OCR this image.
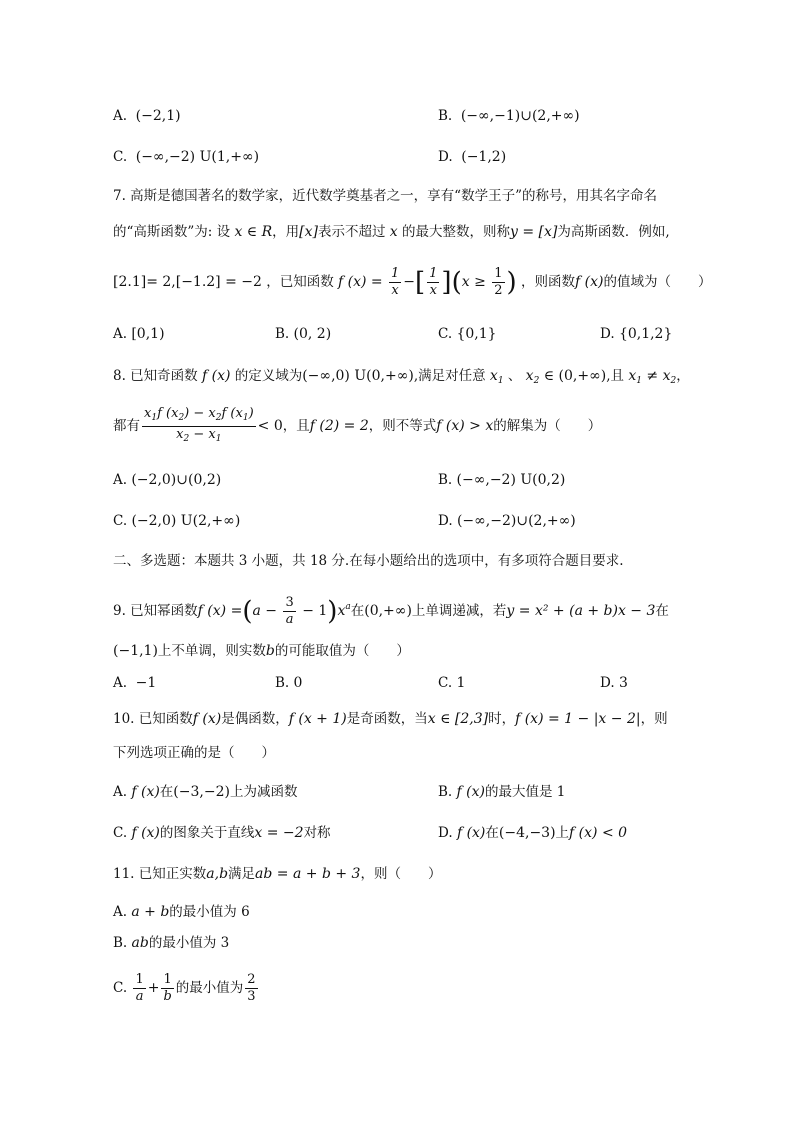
A. (−2,1)	B. (−∞,−1)∪(2,+∞)
C. (−∞,−2) U(1,+∞)	D. (−1,2)
7. 高斯是德国著名的数学家，近代数学奠基者之一，享有“数学王子”的称号，用其名字命名
的“高斯函数”为: 设 x ∈ R，用[x]表示不超过 x 的最大整数，则称y = [x]为高斯函数．例如,
[2.1]= 2,[−1.2] = −2 ，已知函数 f $(x) = \frac{1}{x}$ −[ $\frac{1}{x} ](x \ge \frac{1}{2}$ ) ，则函数f (x)的值域为（　　）
A. [0,1)	B. (0, 2)	C. {0,1}	D. {0,1,2}
8. 已知奇函数 f (x) 的定义域为(−∞,0) U(0,+∞),满足对任意 $x_1$ 、 $x_2$ ∈ (0,+∞),且 $x_1 \ne x_2$，
都有 $\frac{x_1f (x_2) - x_2f (x_1)}{x_2 - x_1} < 0$，且f (2) = 2，则不等式f (x) > x的解集为（　　）
A. (−2,0)∪(0,2)	B. (−∞,−2) U(0,2)
C. (−2,0) U(2,+∞)	D. (−∞,−2)∪(2,+∞)
二、多选题：本题共 3 小题，共 18 分.在每小题给出的选项中，有多项符合题目要求.
9. 已知幂函数f $(x) =(a - \frac{3}{a} - 1)x^a$在(0,+∞)上单调递减，若y = x² + (a + b)x − 3在
(−1,1)上不单调，则实数b的可能取值为（　　）
A. −1	B. 0	C. 1	D. 3
10. 已知函数f (x)是偶函数，f (x + 1)是奇函数，当x ∈ [2,3]时，f (x) = 1 − |x − 2|，则
下列选项正确的是（　　）
A. f (x)在(−3,−2)上为减函数	B. f (x)的最大值是 1
C. f (x)的图象关于直线x = −2对称	D. f (x)在(−4,−3)上f (x) < 0
11. 已知正实数a,b满足ab = a + b + 3，则（　　）
A. a + b的最小值为 6
B. ab的最小值为 3
C. $\frac{1}{a} + \frac{1}{b}$ 的最小值为 $\frac{2}{3}$
